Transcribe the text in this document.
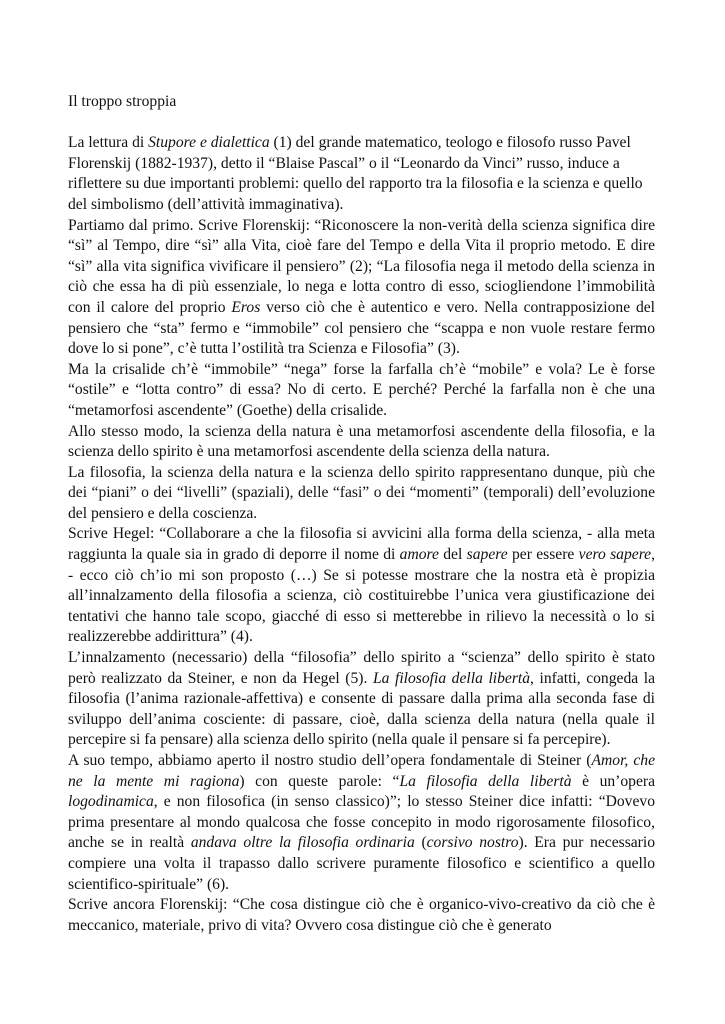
Il troppo stroppia

La lettura di Stupore e dialettica (1) del grande matematico, teologo e filosofo russo Pavel Florenskij (1882-1937), detto il “Blaise Pascal” o il “Leonardo da Vinci” russo, induce a riflettere su due importanti problemi: quello del rapporto tra la filosofia e la scienza e quello del simbolismo (dell’attività immaginativa).

Partiamo dal primo. Scrive Florenskij: “Riconoscere la non-verità della scienza significa dire “sì” al Tempo, dire “sì” alla Vita, cioè fare del Tempo e della Vita il proprio metodo. E dire “sì” alla vita significa vivificare il pensiero” (2); “La filosofia nega il metodo della scienza in ciò che essa ha di più essenziale, lo nega e lotta contro di esso, sciogliendone l’immobilità con il calore del proprio Eros verso ciò che è autentico e vero. Nella contrapposizione del pensiero che “sta” fermo e “immobile” col pensiero che “scappa e non vuole restare fermo dove lo si pone”, c’è tutta l’ostilità tra Scienza e Filosofia” (3).

Ma la crisalide ch’è “immobile” “nega” forse la farfalla ch’è “mobile” e vola? Le è forse “ostile” e “lotta contro” di essa? No di certo. E perché? Perché la farfalla non è che una “metamorfosi ascendente” (Goethe) della crisalide.

Allo stesso modo, la scienza della natura è una metamorfosi ascendente della filosofia, e la scienza dello spirito è una metamorfosi ascendente della scienza della natura.

La filosofia, la scienza della natura e la scienza dello spirito rappresentano dunque, più che dei “piani” o dei “livelli” (spaziali), delle “fasi” o dei “momenti” (temporali) dell’evoluzione del pensiero e della coscienza.

Scrive Hegel: “Collaborare a che la filosofia si avvicini alla forma della scienza, - alla meta raggiunta la quale sia in grado di deporre il nome di amore del sapere per essere vero sapere, - ecco ciò ch’io mi son proposto (…) Se si potesse mostrare che la nostra età è propizia all’innalzamento della filosofia a scienza, ciò costituirebbe l’unica vera giustificazione dei tentativi che hanno tale scopo, giacché di esso si metterebbe in rilievo la necessità o lo si realizzerebbe addirittura” (4).

L’innalzamento (necessario) della “filosofia” dello spirito a “scienza” dello spirito è stato però realizzato da Steiner, e non da Hegel (5). La filosofia della libertà, infatti, congeda la filosofia (l’anima razionale-affettiva) e consente di passare dalla prima alla seconda fase di sviluppo dell’anima cosciente: di passare, cioè, dalla scienza della natura (nella quale il percepire si fa pensare) alla scienza dello spirito (nella quale il pensare si fa percepire).

A suo tempo, abbiamo aperto il nostro studio dell’opera fondamentale di Steiner (Amor, che ne la mente mi ragiona) con queste parole: “La filosofia della libertà è un’opera logodinamica, e non filosofica (in senso classico)”; lo stesso Steiner dice infatti: “Dovevo prima presentare al mondo qualcosa che fosse concepito in modo rigorosamente filosofico, anche se in realtà andava oltre la filosofia ordinaria (corsivo nostro). Era pur necessario compiere una volta il trapasso dallo scrivere puramente filosofico e scientifico a quello scientifico-spirituale” (6).

Scrive ancora Florenskij: “Che cosa distingue ciò che è organico-vivo-creativo da ciò che è meccanico, materiale, privo di vita? Ovvero cosa distingue ciò che è generato
